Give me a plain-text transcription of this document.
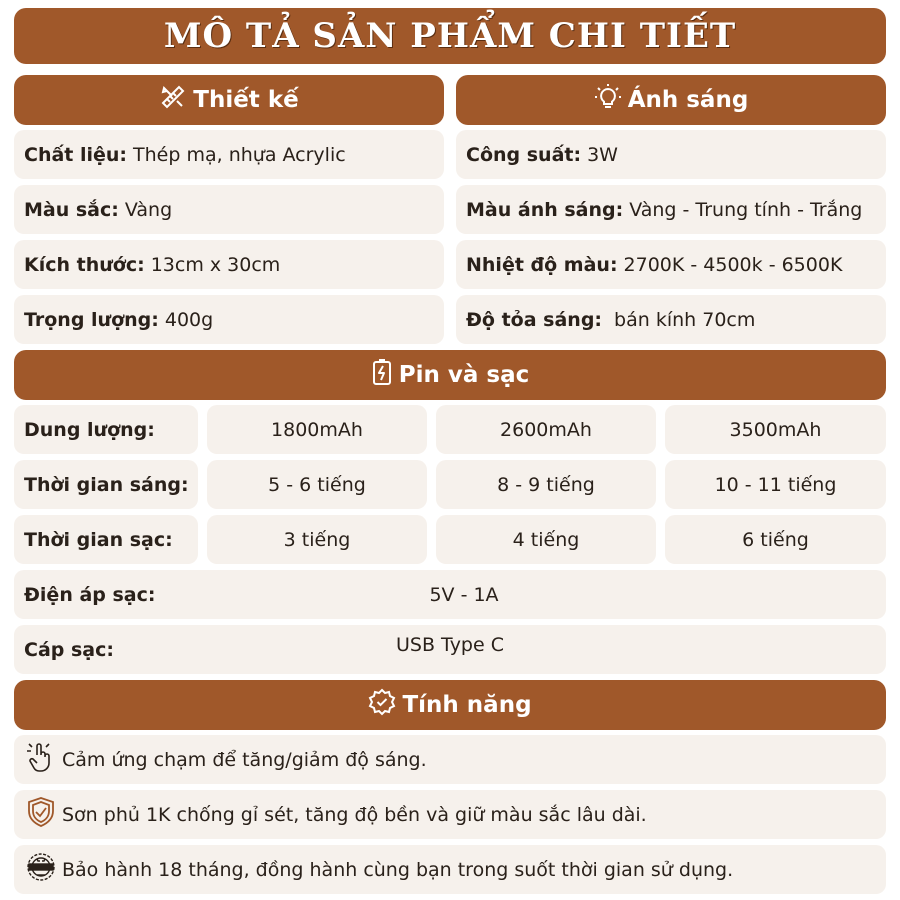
MÔ TẢ SẢN PHẨM CHI TIẾT
Thiết kế	Ánh sáng
Chất liệu: Thép mạ, nhựa Acrylic
Màu sắc: Vàng
Kích thước: 13cm x 30cm
Trọng lượng: 400g
Công suất: 3W
Màu ánh sáng: Vàng - Trung tính - Trắng
Nhiệt độ màu: 2700K - 4500k - 6500K
Độ tỏa sáng: bán kính 70cm
Pin và sạc
Dung lượng:	1800mAh	2600mAh	3500mAh
Thời gian sáng:	5 - 6 tiếng	8 - 9 tiếng	10 - 11 tiếng
Thời gian sạc:	3 tiếng	4 tiếng	6 tiếng
Điện áp sạc:	5V - 1A
Cáp sạc:	USB Type C
Tính năng
Cảm ứng chạm để tăng/giảm độ sáng.
Sơn phủ 1K chống gỉ sét, tăng độ bền và giữ màu sắc lâu dài.
Bảo hành 18 tháng, đồng hành cùng bạn trong suốt thời gian sử dụng.
